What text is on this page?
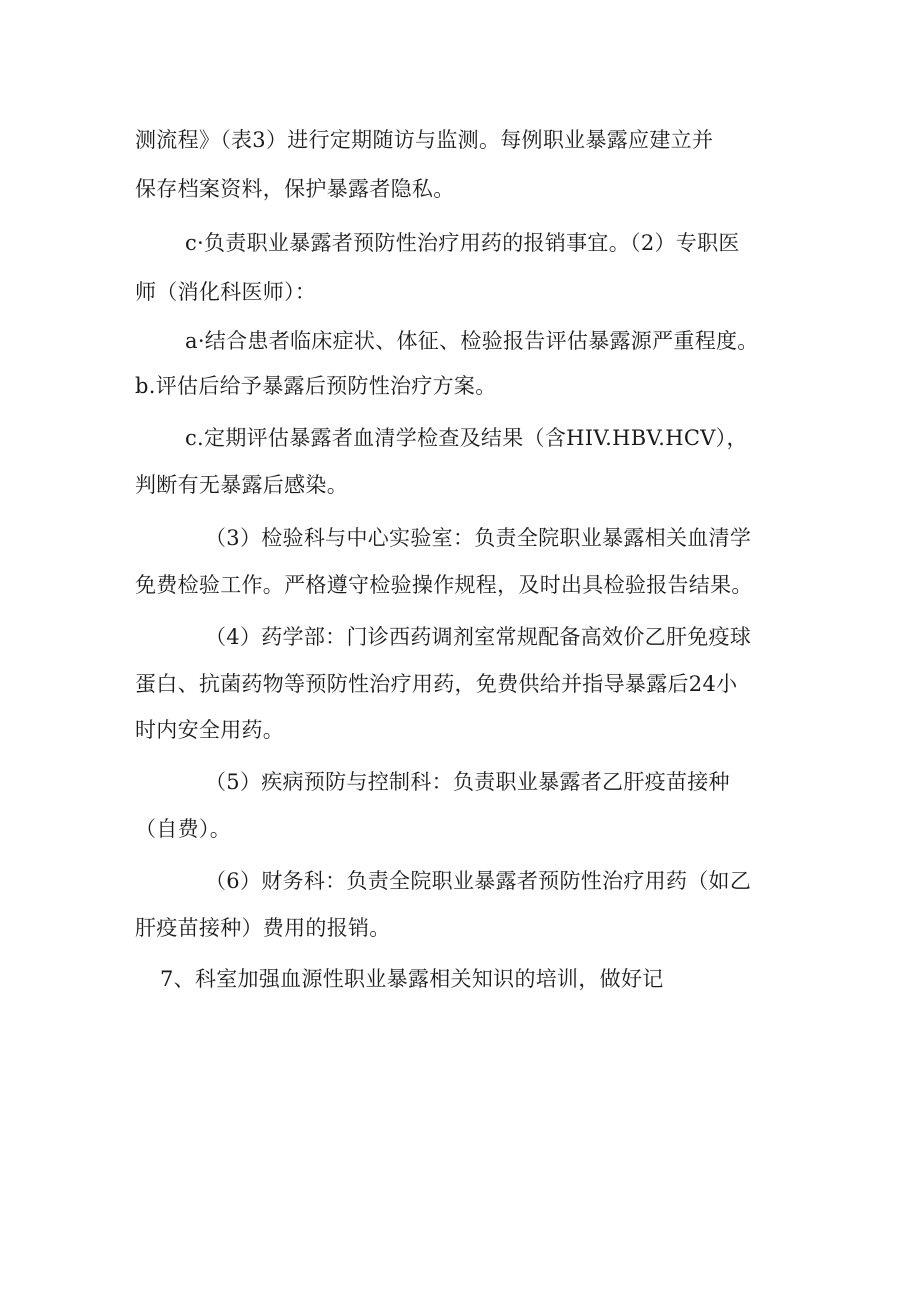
测流程》（表3）进行定期随访与监测。每例职业暴露应建立并

保存档案资料，保护暴露者隐私。

c·负责职业暴露者预防性治疗用药的报销事宜。（2）专职医

师（消化科医师）：

a·结合患者临床症状、体征、检验报告评估暴露源严重程度。

b.评估后给予暴露后预防性治疗方案。

c.定期评估暴露者血清学检查及结果（含HIV.HBV.HCV），

判断有无暴露后感染。

（3）检验科与中心实验室：负责全院职业暴露相关血清学

免费检验工作。严格遵守检验操作规程，及时出具检验报告结果。

（4）药学部：门诊西药调剂室常规配备高效价乙肝免疫球

蛋白、抗菌药物等预防性治疗用药，免费供给并指导暴露后24小

时内安全用药。

（5）疾病预防与控制科：负责职业暴露者乙肝疫苗接种

（自费）。

（6）财务科：负责全院职业暴露者预防性治疗用药（如乙

肝疫苗接种）费用的报销。

7、科室加强血源性职业暴露相关知识的培训，做好记
